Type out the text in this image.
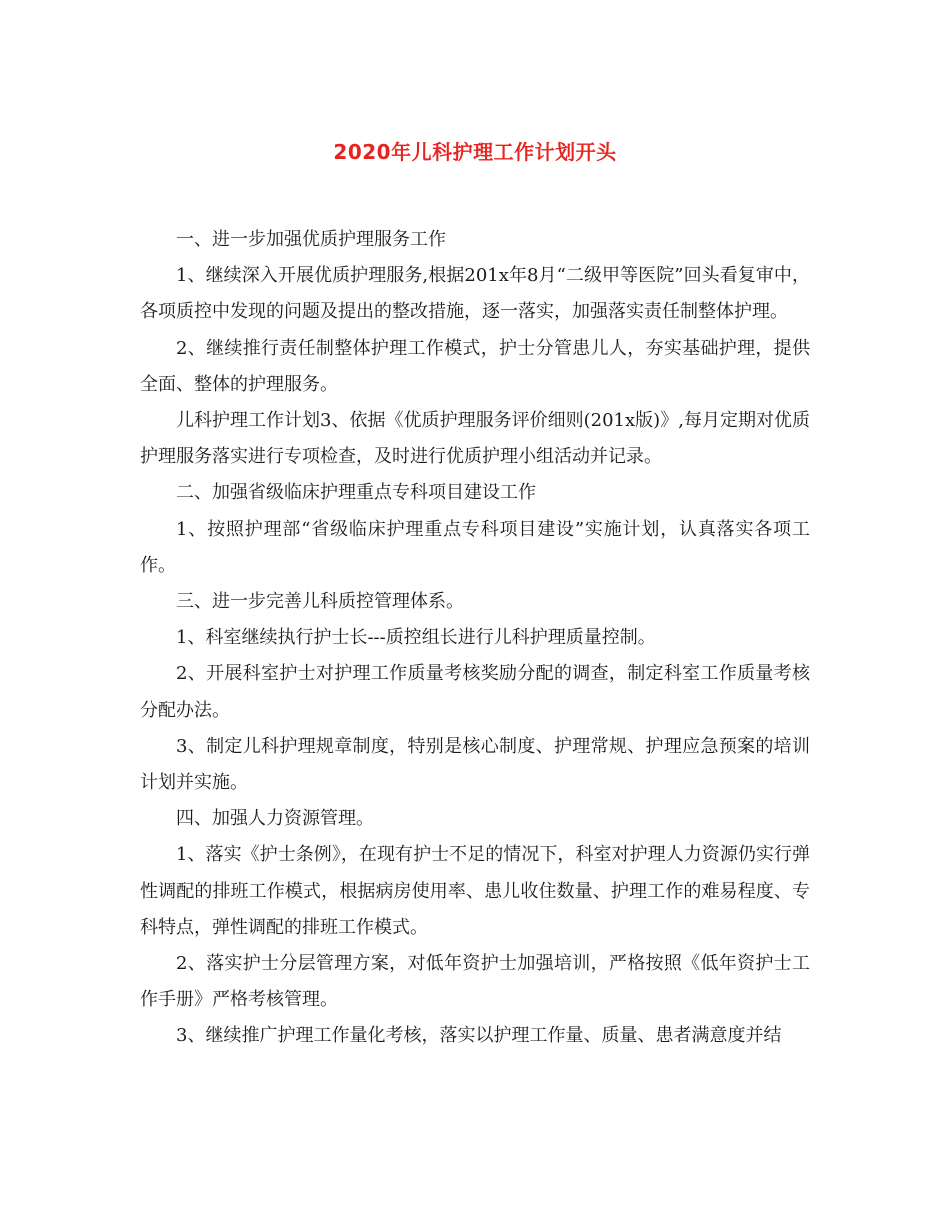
2020年儿科护理工作计划开头

一、进一步加强优质护理服务工作

1、继续深入开展优质护理服务,根据201x年8月“二级甲等医院”回头看复审中，各项质控中发现的问题及提出的整改措施，逐一落实，加强落实责任制整体护理。

2、继续推行责任制整体护理工作模式，护士分管患儿人，夯实基础护理，提供全面、整体的护理服务。

儿科护理工作计划3、依据《优质护理服务评价细则(201x版)》,每月定期对优质护理服务落实进行专项检查，及时进行优质护理小组活动并记录。

二、加强省级临床护理重点专科项目建设工作

1、按照护理部“省级临床护理重点专科项目建设”实施计划，认真落实各项工作。

三、进一步完善儿科质控管理体系。

1、科室继续执行护士长---质控组长进行儿科护理质量控制。

2、开展科室护士对护理工作质量考核奖励分配的调查，制定科室工作质量考核分配办法。

3、制定儿科护理规章制度，特别是核心制度、护理常规、护理应急预案的培训计划并实施。

四、加强人力资源管理。

1、落实《护士条例》，在现有护士不足的情况下，科室对护理人力资源仍实行弹性调配的排班工作模式，根据病房使用率、患儿收住数量、护理工作的难易程度、专科特点，弹性调配的排班工作模式。

2、落实护士分层管理方案，对低年资护士加强培训，严格按照《低年资护士工作手册》严格考核管理。

3、继续推广护理工作量化考核，落实以护理工作量、质量、患者满意度并结
